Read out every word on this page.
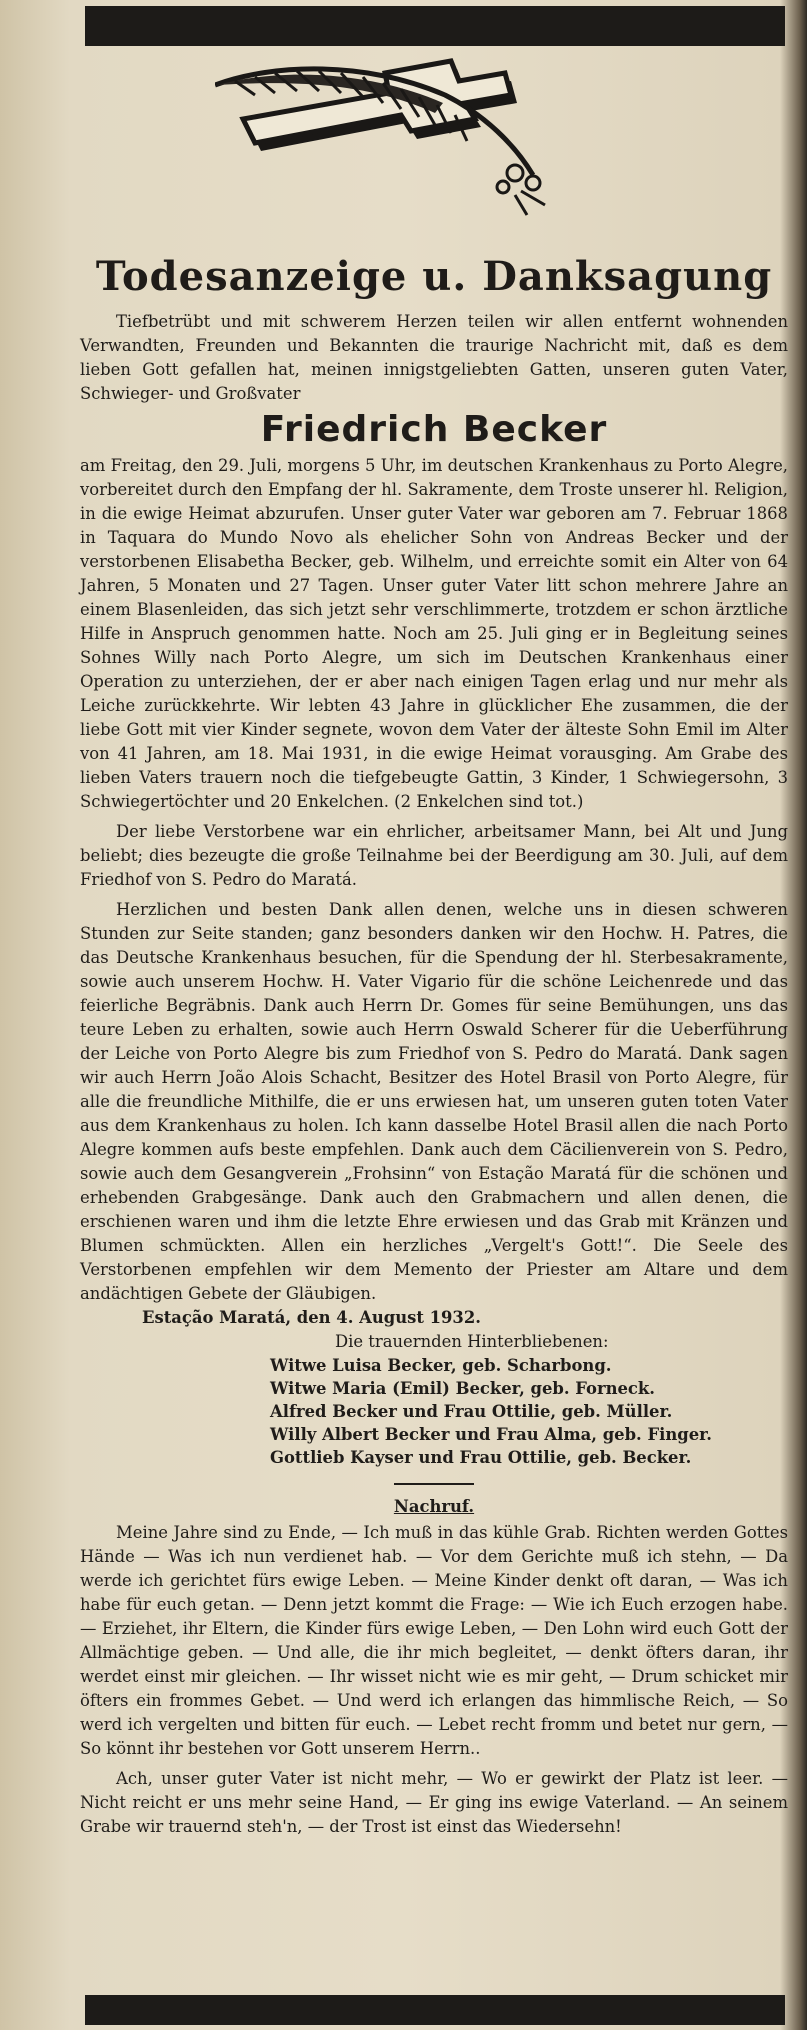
Todesanzeige u. Danksagung

Tiefbetrübt und mit schwerem Herzen teilen wir allen entfernt wohnenden Verwandten, Freunden und Bekannten die traurige Nachricht mit, daß es dem lieben Gott gefallen hat, meinen innigstgeliebten Gatten, unseren guten Vater, Schwieger- und Großvater

Friedrich Becker

am Freitag, den 29. Juli, morgens 5 Uhr, im deutschen Krankenhaus zu Porto Alegre, vorbereitet durch den Empfang der hl. Sakramente, dem Troste unserer hl. Religion, in die ewige Heimat abzurufen. Unser guter Vater war geboren am 7. Februar 1868 in Taquara do Mundo Novo als ehelicher Sohn von Andreas Becker und der verstorbenen Elisabetha Becker, geb. Wilhelm, und erreichte somit ein Alter von 64 Jahren, 5 Monaten und 27 Tagen. Unser guter Vater litt schon mehrere Jahre an einem Blasenleiden, das sich jetzt sehr verschlimmerte, trotzdem er schon ärztliche Hilfe in Anspruch genommen hatte. Noch am 25. Juli ging er in Begleitung seines Sohnes Willy nach Porto Alegre, um sich im Deutschen Krankenhaus einer Operation zu unterziehen, der er aber nach einigen Tagen erlag und nur mehr als Leiche zurückkehrte. Wir lebten 43 Jahre in glücklicher Ehe zusammen, die der liebe Gott mit vier Kinder segnete, wovon dem Vater der älteste Sohn Emil im Alter von 41 Jahren, am 18. Mai 1931, in die ewige Heimat vorausging. Am Grabe des lieben Vaters trauern noch die tiefgebeugte Gattin, 3 Kinder, 1 Schwiegersohn, 3 Schwiegertöchter und 20 Enkelchen. (2 Enkelchen sind tot.)

Der liebe Verstorbene war ein ehrlicher, arbeitsamer Mann, bei Alt und Jung beliebt; dies bezeugte die große Teilnahme bei der Beerdigung am 30. Juli, auf dem Friedhof von S. Pedro do Maratá.

Herzlichen und besten Dank allen denen, welche uns in diesen schweren Stunden zur Seite standen; ganz besonders danken wir den Hochw. H. Patres, die das Deutsche Krankenhaus besuchen, für die Spendung der hl. Sterbesakramente, sowie auch unserem Hochw. H. Vater Vigario für die schöne Leichenrede und das feierliche Begräbnis. Dank auch Herrn Dr. Gomes für seine Bemühungen, uns das teure Leben zu erhalten, sowie auch Herrn Oswald Scherer für die Ueberführung der Leiche von Porto Alegre bis zum Friedhof von S. Pedro do Maratá. Dank sagen wir auch Herrn João Alois Schacht, Besitzer des Hotel Brasil von Porto Alegre, für alle die freundliche Mithilfe, die er uns erwiesen hat, um unseren guten toten Vater aus dem Krankenhaus zu holen. Ich kann dasselbe Hotel Brasil allen die nach Porto Alegre kommen aufs beste empfehlen. Dank auch dem Cäcilienverein von S. Pedro, sowie auch dem Gesangverein „Frohsinn“ von Estação Maratá für die schönen und erhebenden Grabgesänge. Dank auch den Grabmachern und allen denen, die erschienen waren und ihm die letzte Ehre erwiesen und das Grab mit Kränzen und Blumen schmückten. Allen ein herzliches „Vergelt's Gott!“. Die Seele des Verstorbenen empfehlen wir dem Memento der Priester am Altare und dem andächtigen Gebete der Gläubigen.

Estação Maratá, den 4. August 1932.
Die trauernden Hinterbliebenen:
Witwe Luisa Becker, geb. Scharbong.
Witwe Maria (Emil) Becker, geb. Forneck.
Alfred Becker und Frau Ottilie, geb. Müller.
Willy Albert Becker und Frau Alma, geb. Finger.
Gottlieb Kayser und Frau Ottilie, geb. Becker.
Nachruf.

Meine Jahre sind zu Ende, — Ich muß in das kühle Grab. Richten werden Gottes Hände — Was ich nun verdienet hab. — Vor dem Gerichte muß ich stehn, — Da werde ich gerichtet fürs ewige Leben. — Meine Kinder denkt oft daran, — Was ich habe für euch getan. — Denn jetzt kommt die Frage: — Wie ich Euch erzogen habe. — Erziehet, ihr Eltern, die Kinder fürs ewige Leben, — Den Lohn wird euch Gott der Allmächtige geben. — Und alle, die ihr mich begleitet, — denkt öfters daran, ihr werdet einst mir gleichen. — Ihr wisset nicht wie es mir geht, — Drum schicket mir öfters ein frommes Gebet. — Und werd ich erlangen das himmlische Reich, — So werd ich vergelten und bitten für euch. — Lebet recht fromm und betet nur gern, — So könnt ihr bestehen vor Gott unserem Herrn..

Ach, unser guter Vater ist nicht mehr, — Wo er gewirkt der Platz ist leer. — Nicht reicht er uns mehr seine Hand, — Er ging ins ewige Vaterland. — An seinem Grabe wir trauernd steh'n, — der Trost ist einst das Wiedersehn!
